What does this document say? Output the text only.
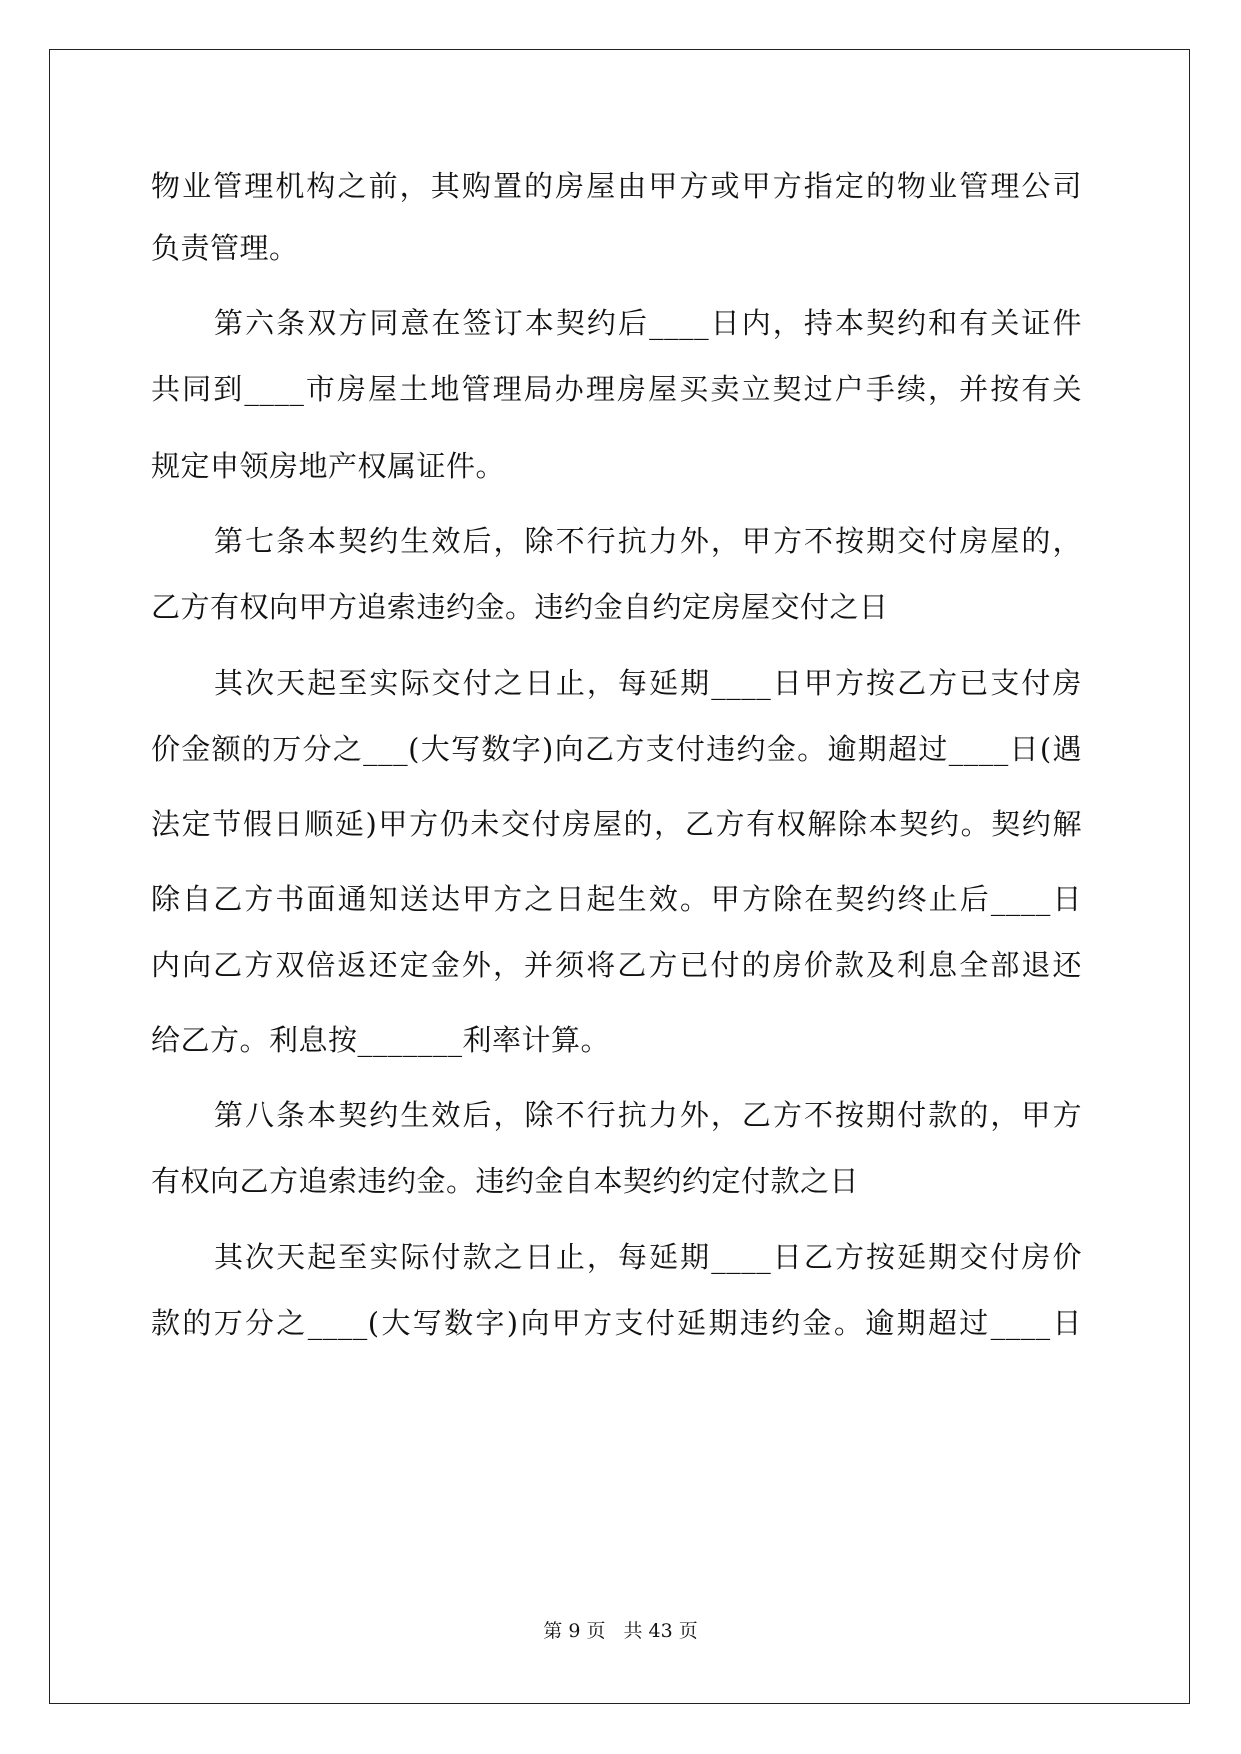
物业管理机构之前，其购置的房屋由甲方或甲方指定的物业管理公司
负责管理。
第六条双方同意在签订本契约后____日内，持本契约和有关证件
共同到____市房屋土地管理局办理房屋买卖立契过户手续，并按有关
规定申领房地产权属证件。
第七条本契约生效后，除不行抗力外，甲方不按期交付房屋的，
乙方有权向甲方追索违约金。违约金自约定房屋交付之日
其次天起至实际交付之日止，每延期____日甲方按乙方已支付房
价金额的万分之___(大写数字)向乙方支付违约金。逾期超过____日(遇
法定节假日顺延)甲方仍未交付房屋的，乙方有权解除本契约。契约解
除自乙方书面通知送达甲方之日起生效。甲方除在契约终止后____日
内向乙方双倍返还定金外，并须将乙方已付的房价款及利息全部退还
给乙方。利息按_______利率计算。
第八条本契约生效后，除不行抗力外，乙方不按期付款的，甲方
有权向乙方追索违约金。违约金自本契约约定付款之日
其次天起至实际付款之日止，每延期____日乙方按延期交付房价
款的万分之____(大写数字)向甲方支付延期违约金。逾期超过____日
第 9 页 共 43 页
